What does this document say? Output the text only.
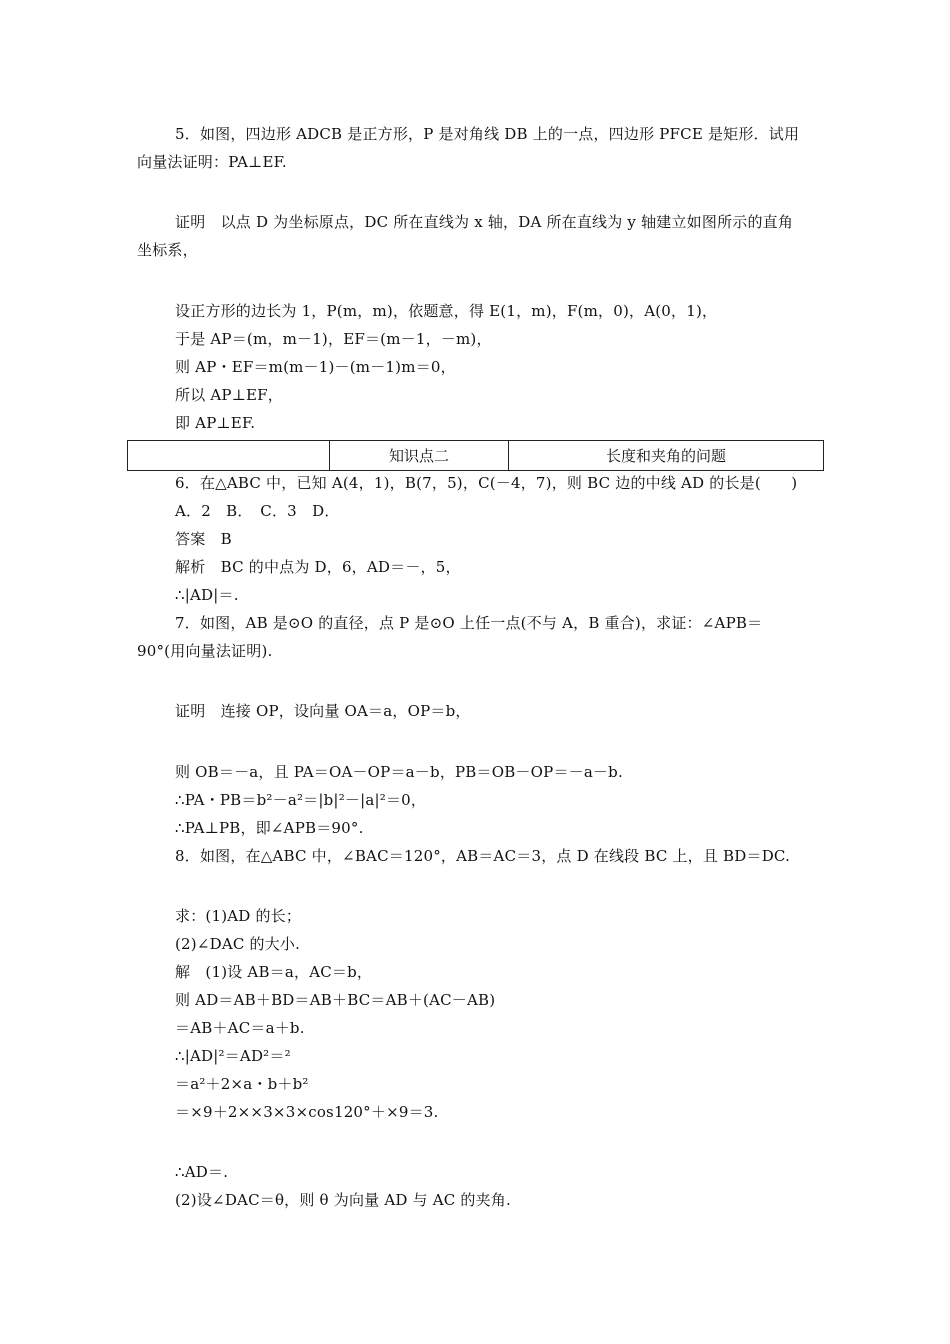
5．如图，四边形 ADCB 是正方形，P 是对角线 DB 上的一点，四边形 PFCE 是矩形．试用
向量法证明：PA⊥EF.
证明　以点 D 为坐标原点，DC 所在直线为 x 轴，DA 所在直线为 y 轴建立如图所示的直角
坐标系，
设正方形的边长为 1，P(m，m)，依题意，得 E(1，m)，F(m，0)，A(0，1)，
于是 AP＝(m，m－1)，EF＝(m－1，－m)，
则 AP・EF＝m(m－1)－(m－1)m＝0，
所以 AP⊥EF，
即 AP⊥EF.
6．在△ABC 中，已知 A(4，1)，B(7，5)，C(－4，7)，则 BC 边的中线 AD 的长是(　　)
A．2　B．　C．3　D．
答案　B
解析　BC 的中点为 D，6，AD＝－，5，
∴|AD|＝.
7．如图，AB 是⊙O 的直径，点 P 是⊙O 上任一点(不与 A，B 重合)，求证：∠APB＝
90°(用向量法证明).
证明　连接 OP，设向量 OA＝a，OP＝b，
则 OB＝－a，且 PA＝OA－OP＝a－b，PB＝OB－OP＝－a－b.
∴PA・PB＝b²－a²＝|b|²－|a|²＝0，
∴PA⊥PB，即∠APB＝90°.
8．如图，在△ABC 中，∠BAC＝120°，AB＝AC＝3，点 D 在线段 BC 上，且 BD＝DC.
求：(1)AD 的长；
(2)∠DAC 的大小.
解　(1)设 AB＝a，AC＝b，
则 AD＝AB＋BD＝AB＋BC＝AB＋(AC－AB)
＝AB＋AC＝a＋b.
∴|AD|²＝AD²＝²
＝a²＋2×a・b＋b²
＝×9＋2××3×3×cos120°＋×9＝3.
∴AD＝.
(2)设∠DAC＝θ，则 θ 为向量 AD 与 AC 的夹角.
	知识点二	长度和夹角的问题
